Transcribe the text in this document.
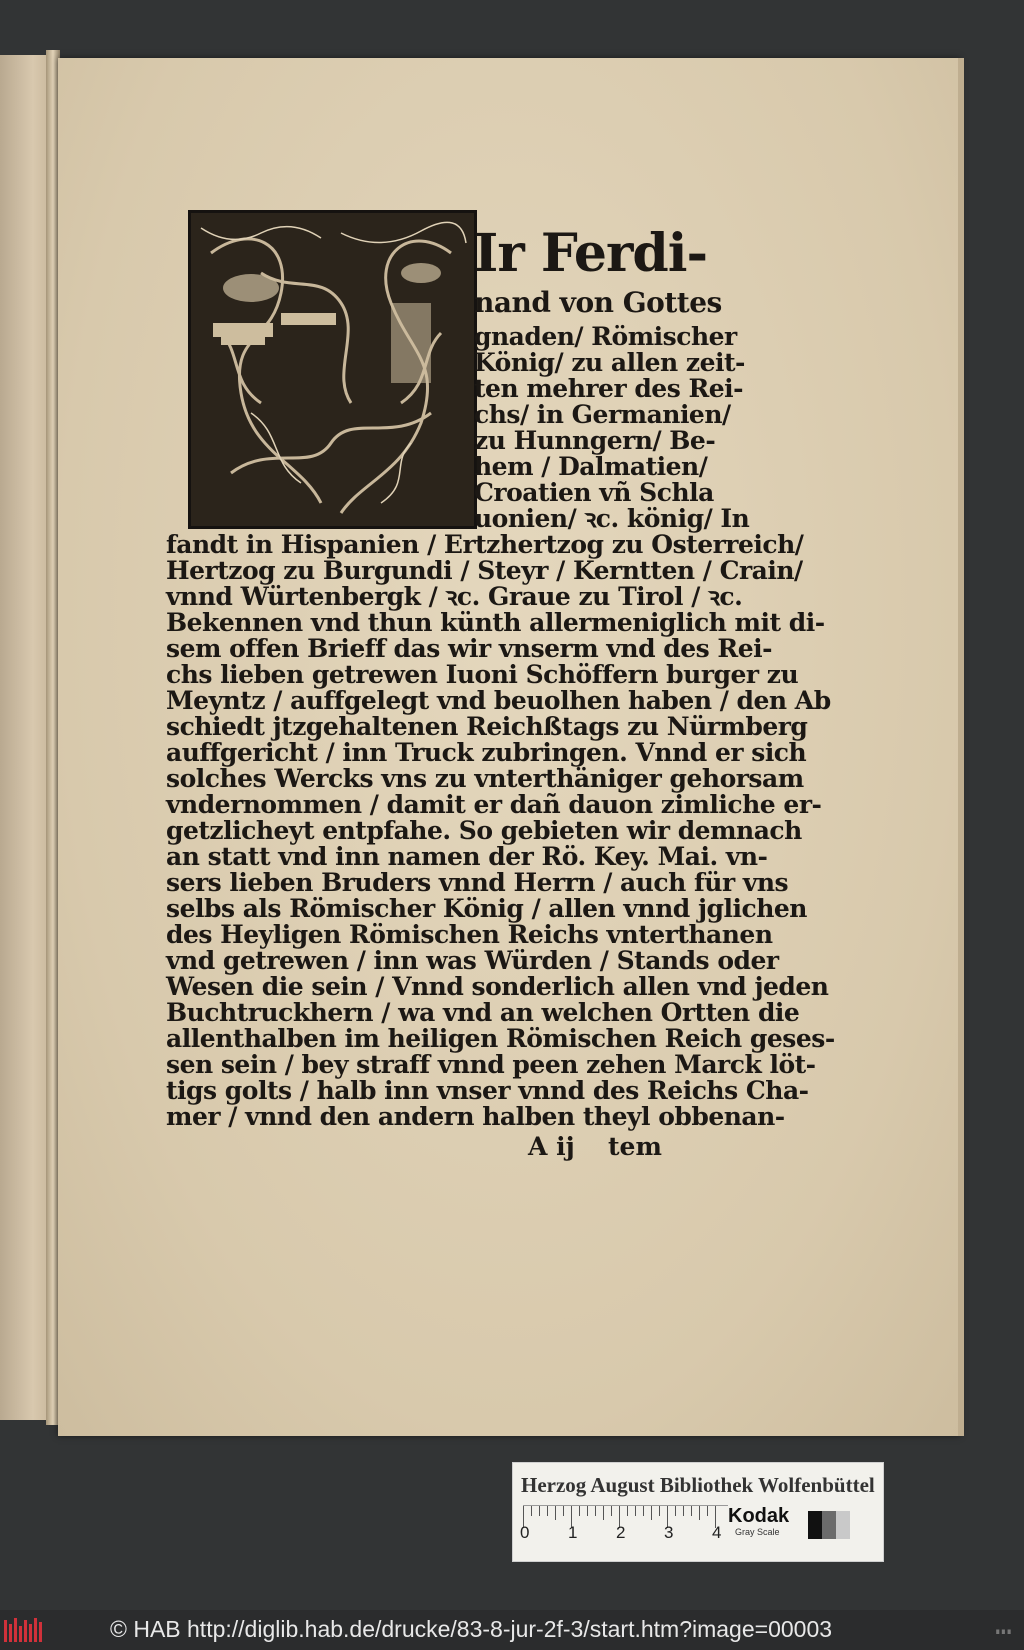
Ir Ferdi-
nand von Gottes
gnaden/ Römischer
König/ zu allen zeit-
ten mehrer des Rei-
chs/ in Germanien/
zu Hunngern/ Be-
hem / Dalmatien/
Croatien vñ Schla
uonien/ ꝛc. könig/ In
fandt in Hispanien / Ertzhertzog zu Osterreich/
Hertzog zu Burgundi / Steyr / Kerntten / Crain/
vnnd Würtenbergk / ꝛc. Graue zu Tirol / ꝛc.
Bekennen vnd thun künth allermeniglich mit di-
sem offen Brieff das wir vnserm vnd des Rei-
chs lieben getrewen Iuoni Schöffern burger zu
Meyntz / auffgelegt vnd beuolhen haben / den Ab
schiedt jtzgehaltenen Reichßtags zu Nürmberg
auffgericht / inn Truck zubringen. Vnnd er sich
solches Wercks vns zu vnterthäniger gehorsam
vndernommen / damit er dañ dauon zimliche er-
getzlicheyt entpfahe. So gebieten wir demnach
an statt vnd inn namen der Rö. Key. Mai. vn-
sers lieben Bruders vnnd Herrn / auch für vns
selbs als Römischer König / allen vnnd jglichen
des Heyligen Römischen Reichs vnterthanen
vnd getrewen / inn was Würden / Stands oder
Wesen die sein / Vnnd sonderlich allen vnd jeden
Buchtruckhern / wa vnd an welchen Ortten die
allenthalben im heiligen Römischen Reich geses-
sen sein / bey straff vnnd peen zehen Marck löt-
tigs golts / halb inn vnser vnnd des Reichs Cha-
mer / vnnd den andern halben theyl obbenan-
A ij tem
Herzog August Bibliothek Wolfenbüttel
0 1 2 3 4
Kodak
Gray Scale
© HAB http://diglib.hab.de/drucke/83-8-jur-2f-3/start.htm?image=00003	∎∎∎
